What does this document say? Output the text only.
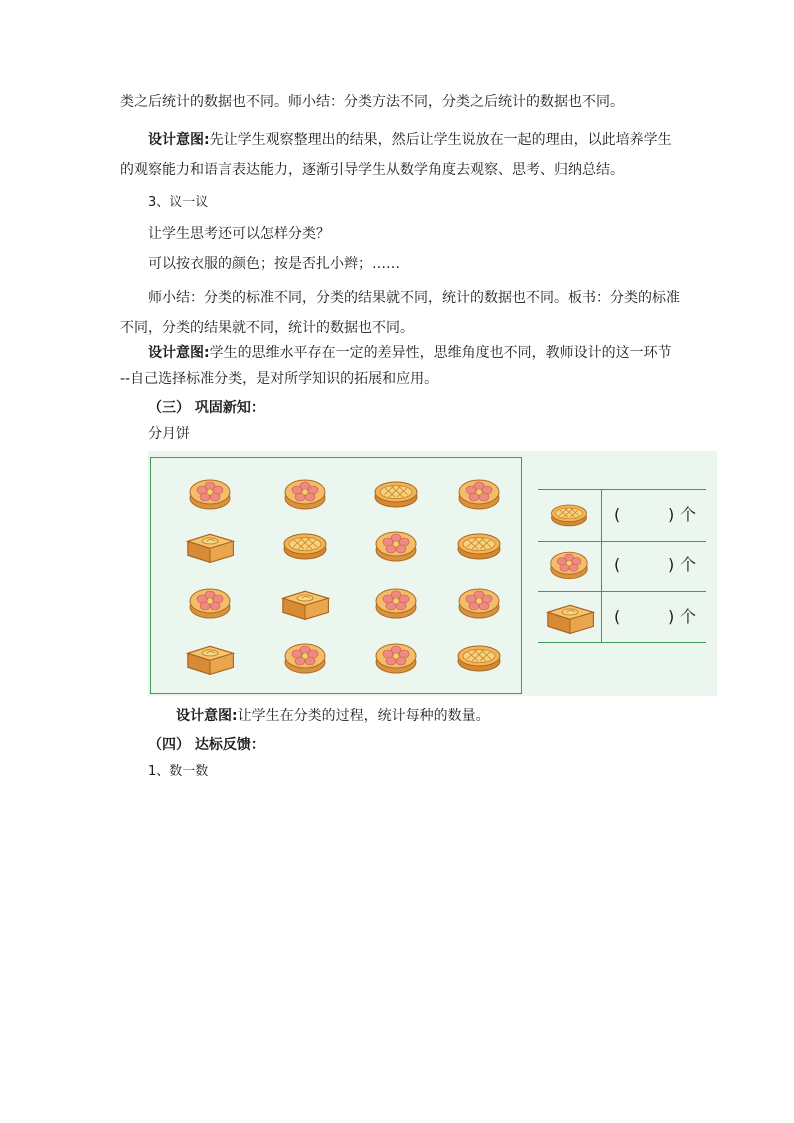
类之后统计的数据也不同。师小结：分类方法不同，分类之后统计的数据也不同。
设计意图:先让学生观察整理出的结果，然后让学生说放在一起的理由，以此培养学生
的观察能力和语言表达能力，逐渐引导学生从数学角度去观察、思考、归纳总结。
3、议一议
让学生思考还可以怎样分类？
可以按衣服的颜色；按是否扎小辫；……
师小结：分类的标准不同，分类的结果就不同，统计的数据也不同。板书：分类的标准
不同，分类的结果就不同，统计的数据也不同。
设计意图:学生的思维水平存在一定的差异性，思维角度也不同，教师设计的这一环节
--自己选择标准分类，是对所学知识的拓展和应用。
（三） 巩固新知：
分月饼
(	) 个
(	) 个
(	) 个
设计意图:让学生在分类的过程，统计每种的数量。
（四） 达标反馈：
1、数一数
